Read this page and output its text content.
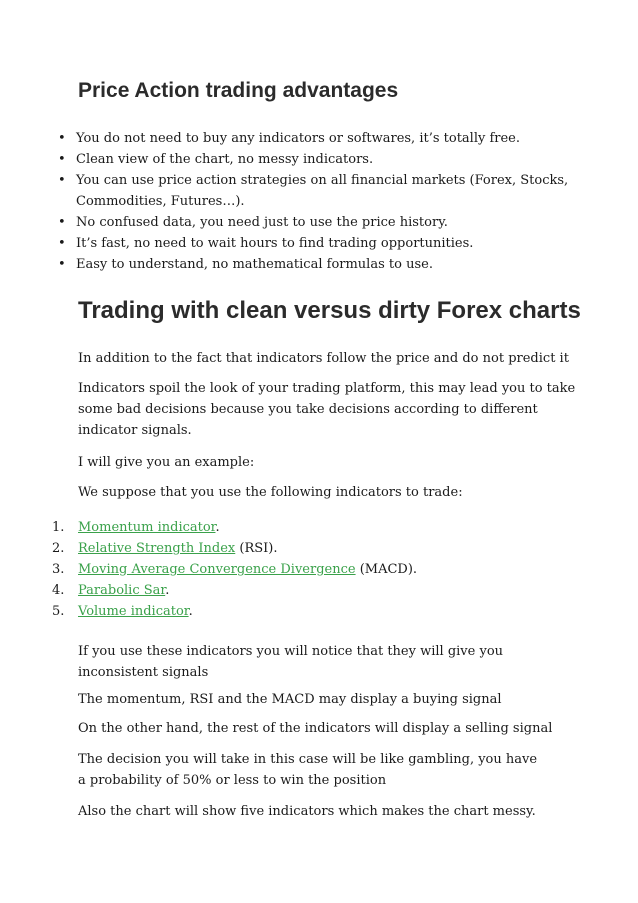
Price Action trading advantages
• You do not need to buy any indicators or softwares, it’s totally free.
• Clean view of the chart, no messy indicators.
• You can use price action strategies on all financial markets (Forex, Stocks, Commodities, Futures…).
• No confused data, you need just to use the price history.
• It’s fast, no need to wait hours to find trading opportunities.
• Easy to understand, no mathematical formulas to use.
Trading with clean versus dirty Forex charts

In addition to the fact that indicators follow the price and do not predict it

Indicators spoil the look of your trading platform, this may lead you to take some bad decisions because you take decisions according to different indicator signals.

I will give you an example:

We suppose that you use the following indicators to trade:

1. Momentum indicator.
2. Relative Strength Index (RSI).
3. Moving Average Convergence Divergence (MACD).
4. Parabolic Sar.
5. Volume indicator.

If you use these indicators you will notice that they will give you inconsistent signals

The momentum, RSI and the MACD may display a buying signal

On the other hand, the rest of the indicators will display a selling signal

The decision you will take in this case will be like gambling, you have a probability of 50% or less to win the position

Also the chart will show five indicators which makes the chart messy.
